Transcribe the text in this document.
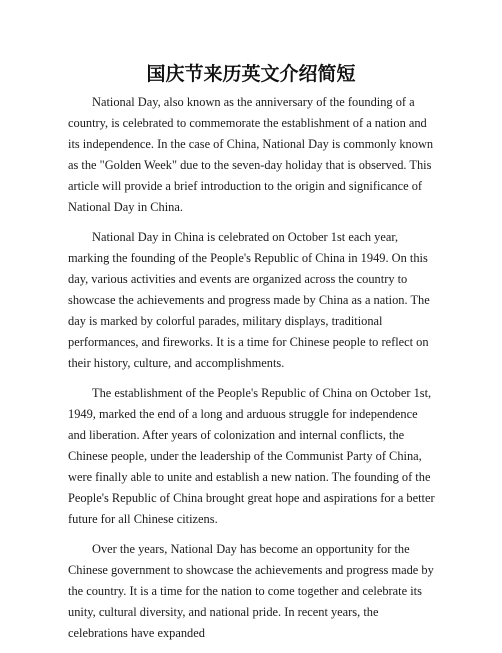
国庆节来历英文介绍简短

National Day, also known as the anniversary of the founding of a country, is celebrated to commemorate the establishment of a nation and its independence. In the case of China, National Day is commonly known as the "Golden Week" due to the seven-day holiday that is observed. This article will provide a brief introduction to the origin and significance of National Day in China.

National Day in China is celebrated on October 1st each year, marking the founding of the People's Republic of China in 1949. On this day, various activities and events are organized across the country to showcase the achievements and progress made by China as a nation. The day is marked by colorful parades, military displays, traditional performances, and fireworks. It is a time for Chinese people to reflect on their history, culture, and accomplishments.

The establishment of the People's Republic of China on October 1st, 1949, marked the end of a long and arduous struggle for independence and liberation. After years of colonization and internal conflicts, the Chinese people, under the leadership of the Communist Party of China, were finally able to unite and establish a new nation. The founding of the People's Republic of China brought great hope and aspirations for a better future for all Chinese citizens.

Over the years, National Day has become an opportunity for the Chinese government to showcase the achievements and progress made by the country. It is a time for the nation to come together and celebrate its unity, cultural diversity, and national pride. In recent years, the celebrations have expanded
